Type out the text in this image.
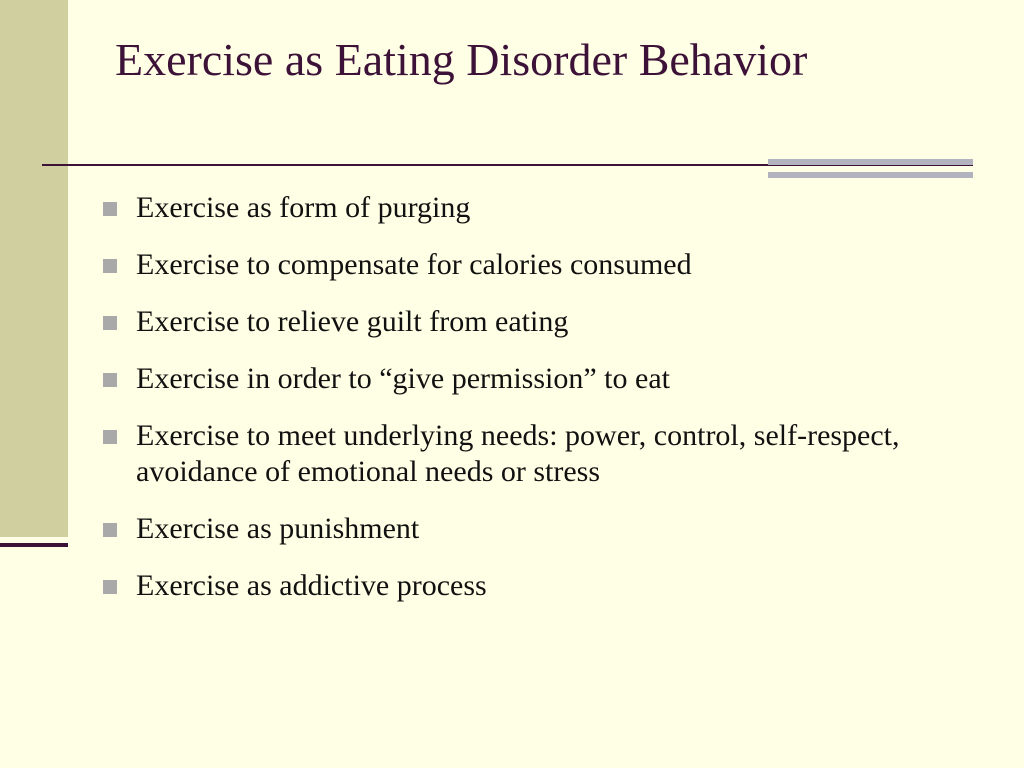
Exercise as Eating Disorder Behavior
Exercise as form of purging
Exercise to compensate for calories consumed
Exercise to relieve guilt from eating
Exercise in order to “give permission” to eat
Exercise to meet underlying needs: power, control, self-respect, avoidance of emotional needs or stress
Exercise as punishment
Exercise as addictive process
